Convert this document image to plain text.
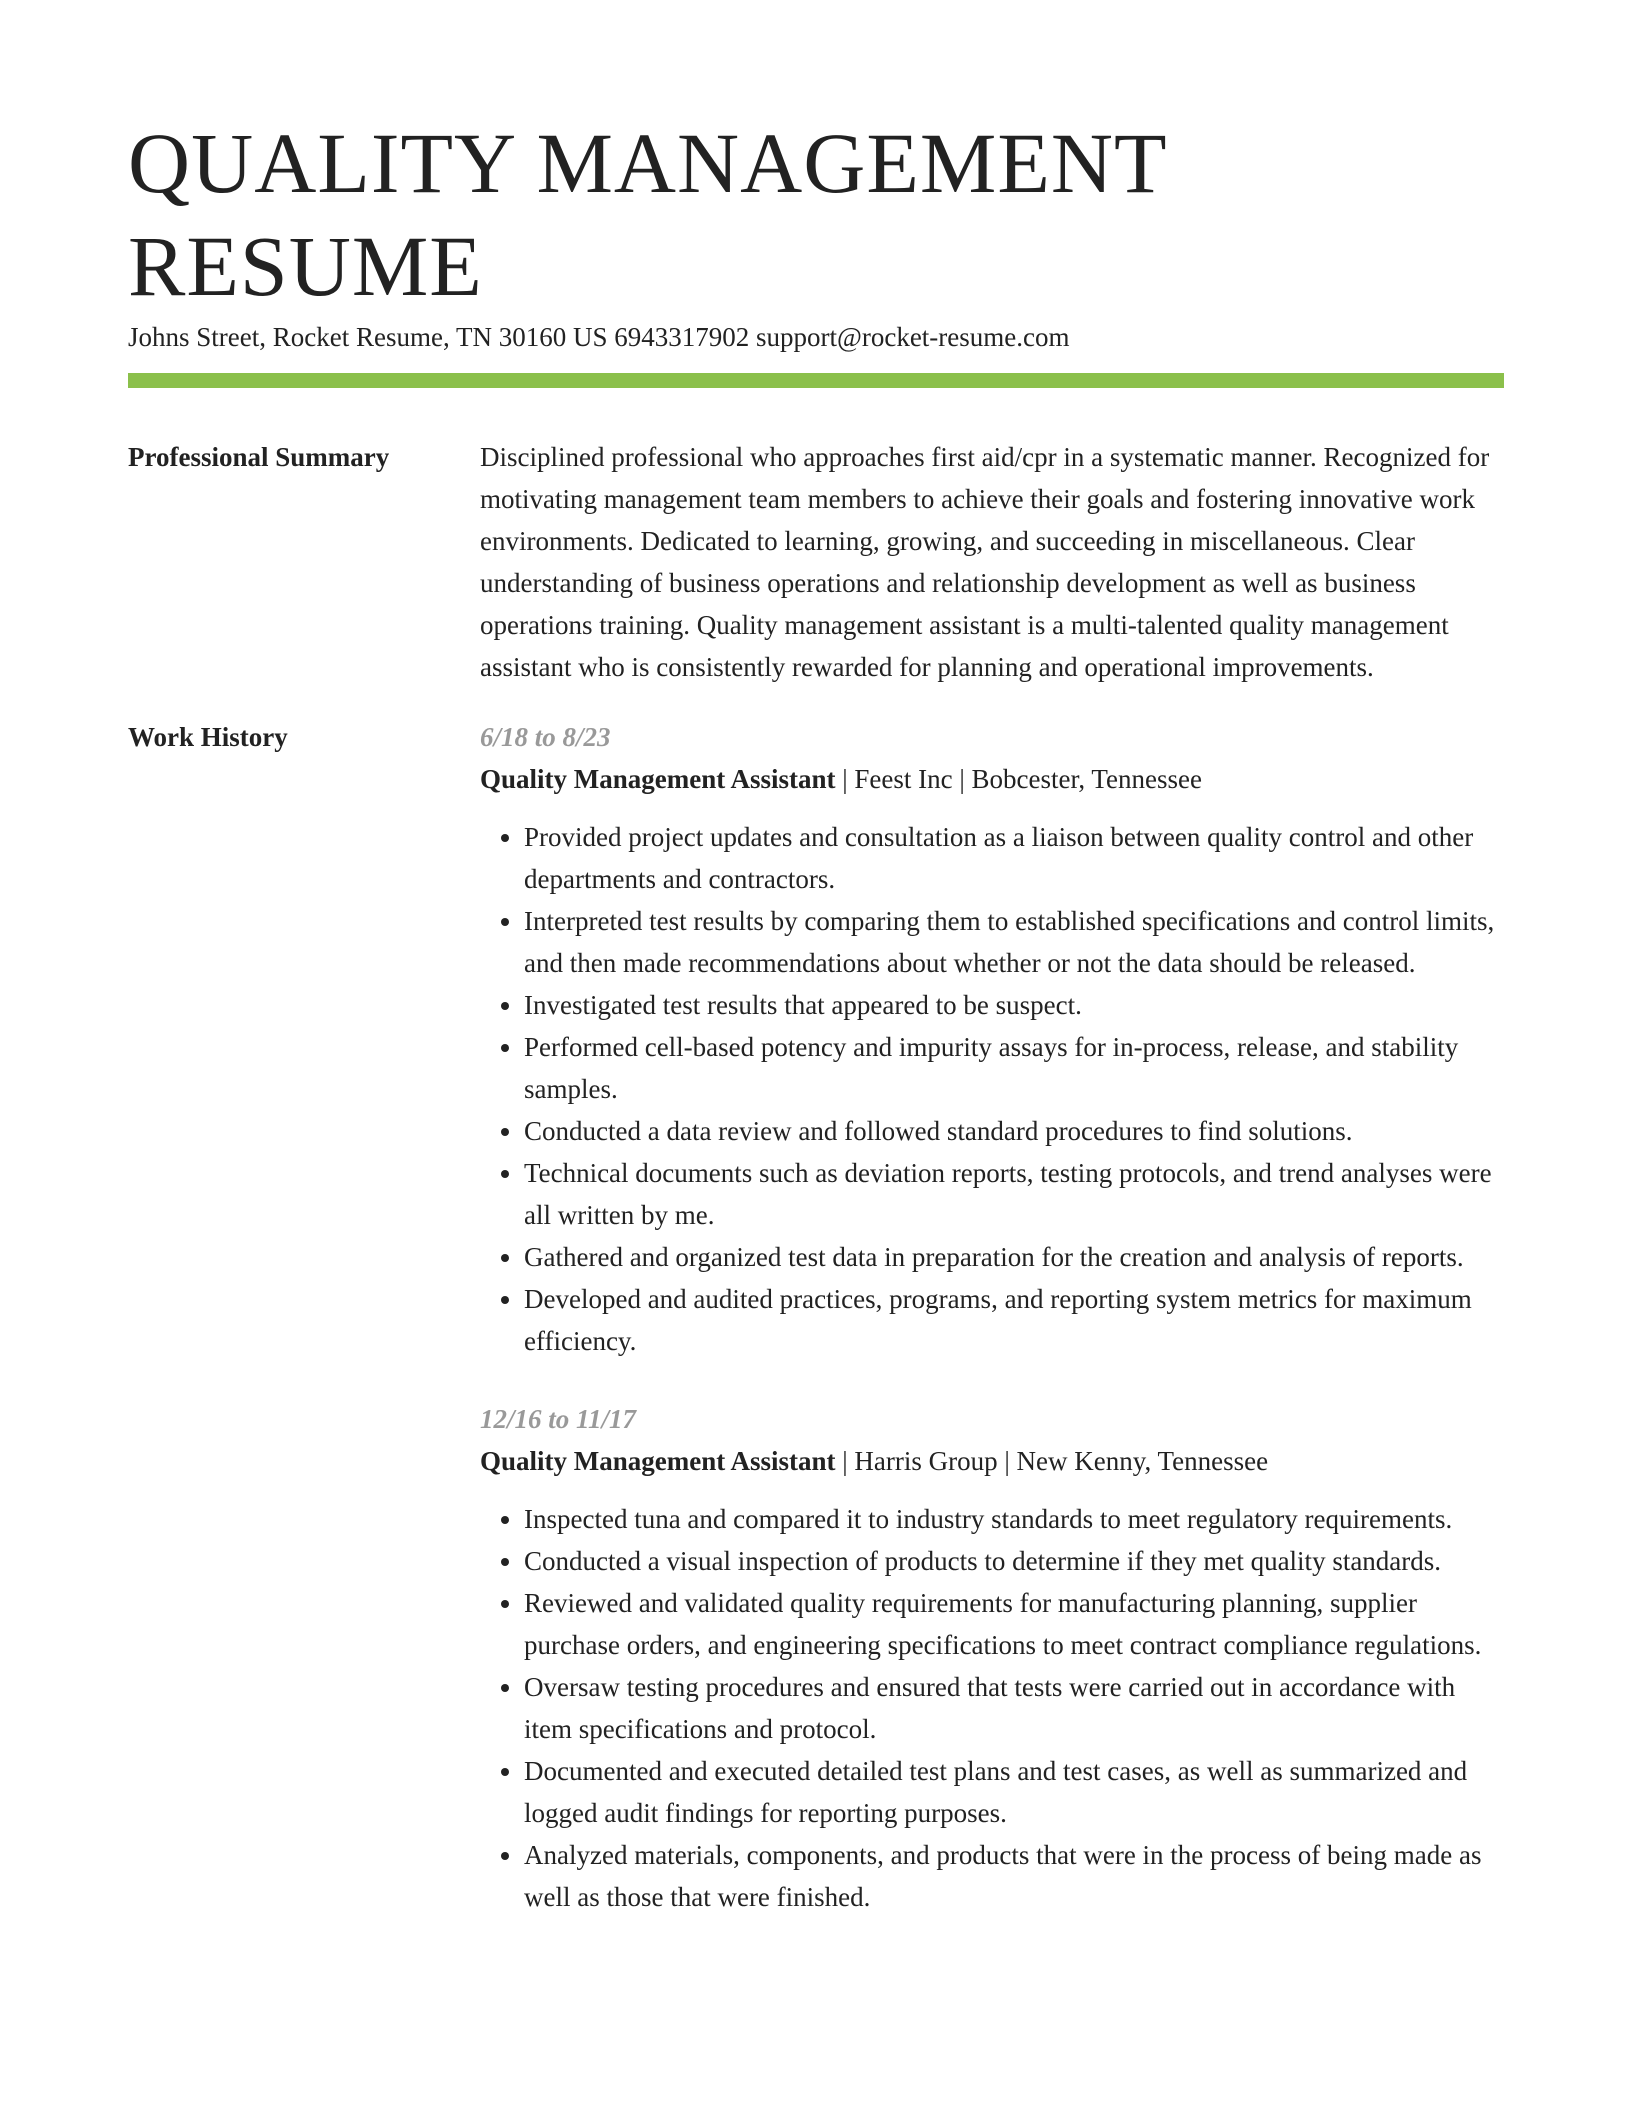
QUALITY MANAGEMENT RESUME
Johns Street, Rocket Resume, TN 30160 US 6943317902 support@rocket-resume.com
Professional Summary	Disciplined professional who approaches first aid/cpr in a systematic manner. Recognized for motivating management team members to achieve their goals and fostering innovative work environments. Dedicated to learning, growing, and succeeding in miscellaneous. Clear understanding of business operations and relationship development as well as business operations training. Quality management assistant is a multi-talented quality management assistant who is consistently rewarded for planning and operational improvements.

Work History	6/18 to 8/23
Quality Management Assistant | Feest Inc | Bobcester, Tennessee
• Provided project updates and consultation as a liaison between quality control and other departments and contractors.
• Interpreted test results by comparing them to established specifications and control limits, and then made recommendations about whether or not the data should be released.
• Investigated test results that appeared to be suspect.
• Performed cell-based potency and impurity assays for in-process, release, and stability samples.
• Conducted a data review and followed standard procedures to find solutions.
• Technical documents such as deviation reports, testing protocols, and trend analyses were all written by me.
• Gathered and organized test data in preparation for the creation and analysis of reports.
• Developed and audited practices, programs, and reporting system metrics for maximum efficiency.
12/16 to 11/17
Quality Management Assistant | Harris Group | New Kenny, Tennessee
• Inspected tuna and compared it to industry standards to meet regulatory requirements.
• Conducted a visual inspection of products to determine if they met quality standards.
• Reviewed and validated quality requirements for manufacturing planning, supplier purchase orders, and engineering specifications to meet contract compliance regulations.
• Oversaw testing procedures and ensured that tests were carried out in accordance with item specifications and protocol.
• Documented and executed detailed test plans and test cases, as well as summarized and logged audit findings for reporting purposes.
• Analyzed materials, components, and products that were in the process of being made as well as those that were finished.
